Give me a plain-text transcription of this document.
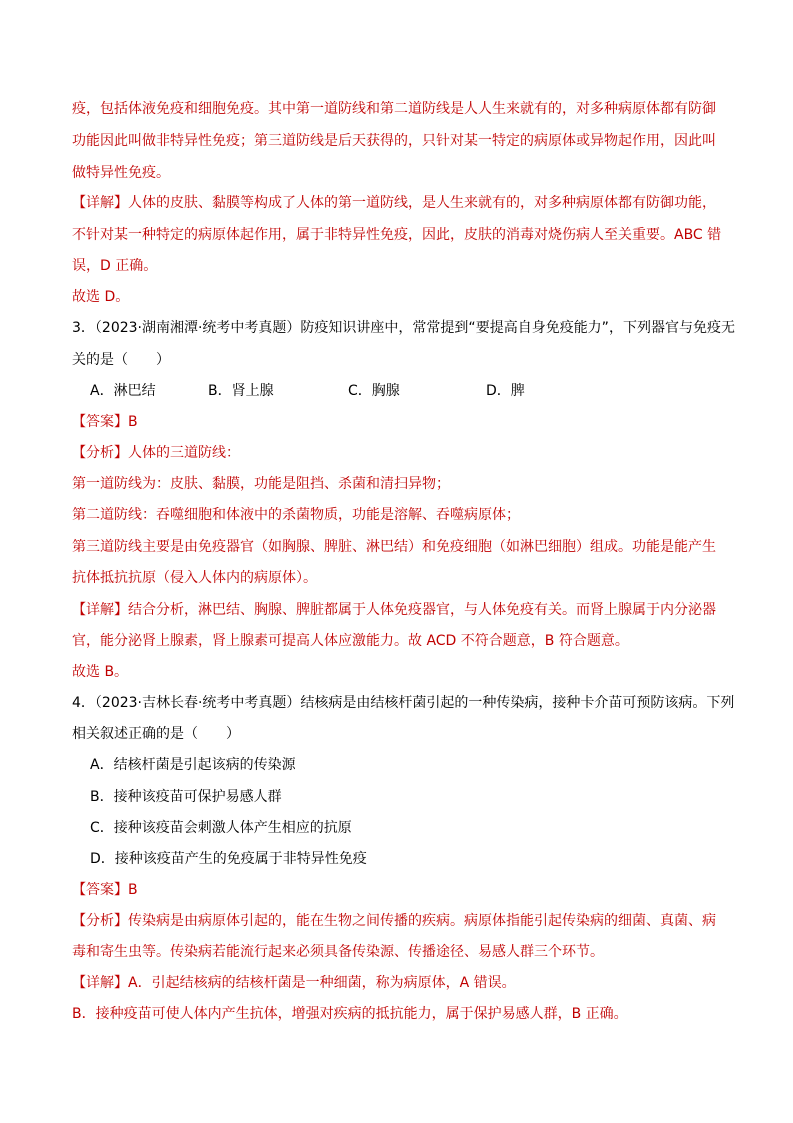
疫，包括体液免疫和细胞免疫。其中第一道防线和第二道防线是人人生来就有的，对多种病原体都有防御
功能因此叫做非特异性免疫；第三道防线是后天获得的，只针对某一特定的病原体或异物起作用，因此叫
做特异性免疫。
【详解】人体的皮肤、黏膜等构成了人体的第一道防线，是人生来就有的，对多种病原体都有防御功能，
不针对某一种特定的病原体起作用，属于非特异性免疫，因此，皮肤的消毒对烧伤病人至关重要。ABC 错
误，D 正确。
故选 D。
3．（2023·湖南湘潭·统考中考真题）防疫知识讲座中，常常提到“要提高自身免疫能力”，下列器官与免疫无
关的是（　　）
A．淋巴结	B．肾上腺	C．胸腺	D．脾
【答案】B
【分析】人体的三道防线：
第一道防线为：皮肤、黏膜，功能是阻挡、杀菌和清扫异物；
第二道防线：吞噬细胞和体液中的杀菌物质，功能是溶解、吞噬病原体；
第三道防线主要是由免疫器官（如胸腺、脾脏、淋巴结）和免疫细胞（如淋巴细胞）组成。功能是能产生
抗体抵抗抗原（侵入人体内的病原体）。
【详解】结合分析，淋巴结、胸腺、脾脏都属于人体免疫器官，与人体免疫有关。而肾上腺属于内分泌器
官，能分泌肾上腺素，肾上腺素可提高人体应激能力。故 ACD 不符合题意，B 符合题意。
故选 B。
4．（2023·吉林长春·统考中考真题）结核病是由结核杆菌引起的一种传染病，接种卡介苗可预防该病。下列
相关叙述正确的是（　　）
A．结核杆菌是引起该病的传染源
B．接种该疫苗可保护易感人群
C．接种该疫苗会刺激人体产生相应的抗原
D．接种该疫苗产生的免疫属于非特异性免疫
【答案】B
【分析】传染病是由病原体引起的，能在生物之间传播的疾病。病原体指能引起传染病的细菌、真菌、病
毒和寄生虫等。传染病若能流行起来必须具备传染源、传播途径、易感人群三个环节。
【详解】A．引起结核病的结核杆菌是一种细菌，称为病原体，A 错误。
B．接种疫苗可使人体内产生抗体，增强对疾病的抵抗能力，属于保护易感人群，B 正确。
